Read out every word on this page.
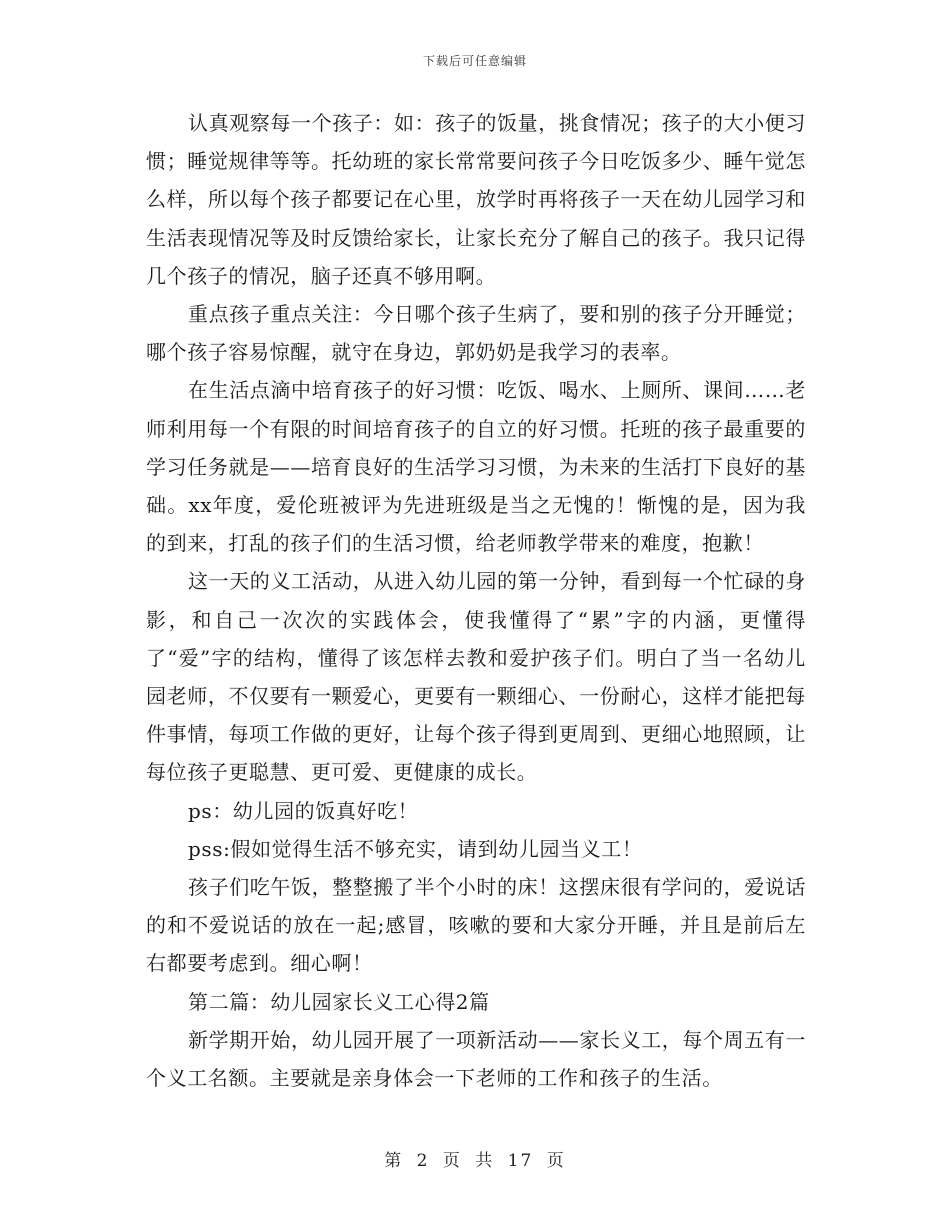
下载后可任意编辑

认真观察每一个孩子：如：孩子的饭量，挑食情况；孩子的大小便习惯；睡觉规律等等。托幼班的家长常常要问孩子今日吃饭多少、睡午觉怎么样，所以每个孩子都要记在心里，放学时再将孩子一天在幼儿园学习和生活表现情况等及时反馈给家长，让家长充分了解自己的孩子。我只记得几个孩子的情况，脑子还真不够用啊。

重点孩子重点关注：今日哪个孩子生病了，要和别的孩子分开睡觉；哪个孩子容易惊醒，就守在身边，郭奶奶是我学习的表率。

在生活点滴中培育孩子的好习惯：吃饭、喝水、上厕所、课间……老师利用每一个有限的时间培育孩子的自立的好习惯。托班的孩子最重要的学习任务就是——培育良好的生活学习习惯，为未来的生活打下良好的基础。xx年度，爱伦班被评为先进班级是当之无愧的！惭愧的是，因为我的到来，打乱的孩子们的生活习惯，给老师教学带来的难度，抱歉！

这一天的义工活动，从进入幼儿园的第一分钟，看到每一个忙碌的身影，和自己一次次的实践体会，使我懂得了“累”字的内涵，更懂得了“爱”字的结构，懂得了该怎样去教和爱护孩子们。明白了当一名幼儿园老师，不仅要有一颗爱心，更要有一颗细心、一份耐心，这样才能把每件事情，每项工作做的更好，让每个孩子得到更周到、更细心地照顾，让每位孩子更聪慧、更可爱、更健康的成长。

ps：幼儿园的饭真好吃！

pss:假如觉得生活不够充实，请到幼儿园当义工！

孩子们吃午饭，整整搬了半个小时的床！这摆床很有学问的，爱说话的和不爱说话的放在一起;感冒，咳嗽的要和大家分开睡，并且是前后左右都要考虑到。细心啊！

第二篇：幼儿园家长义工心得2篇

新学期开始，幼儿园开展了一项新活动——家长义工，每个周五有一个义工名额。主要就是亲身体会一下老师的工作和孩子的生活。

第 2 页 共 17 页
